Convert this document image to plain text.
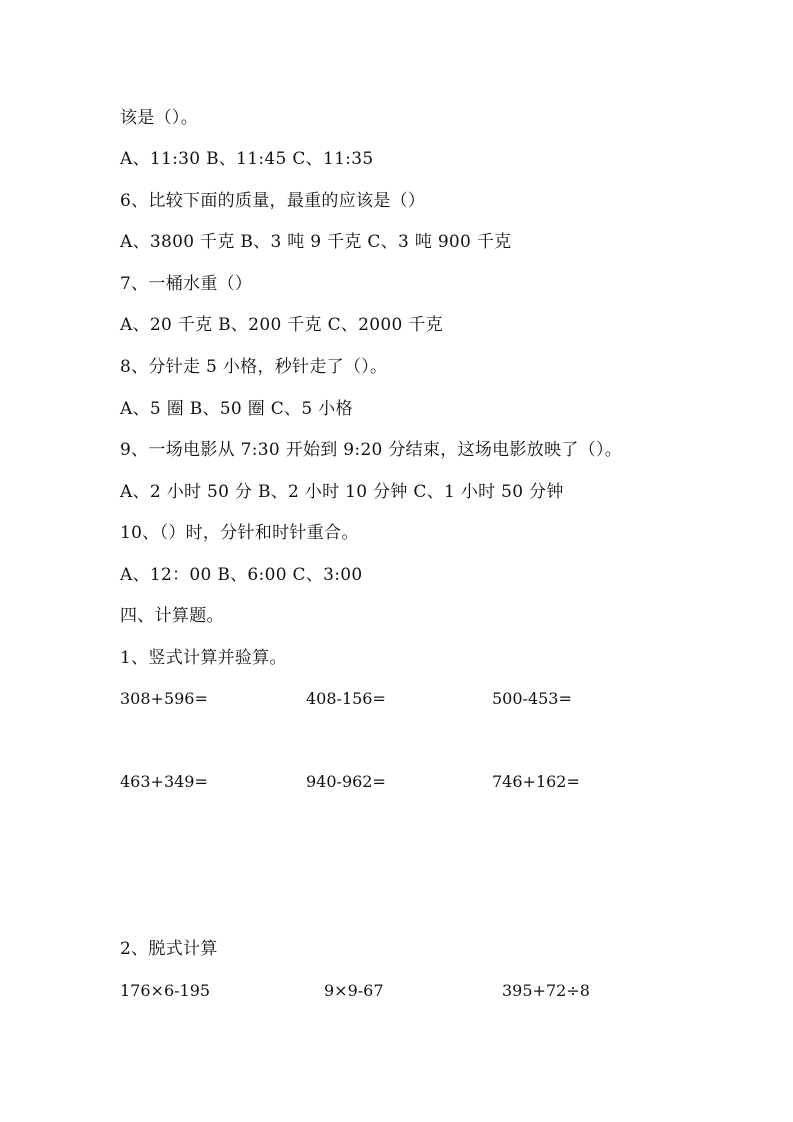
该是（）。
A、11:30 B、11:45 C、11:35
6、比较下面的质量，最重的应该是（）
A、3800 千克 B、3 吨 9 千克 C、3 吨 900 千克
7、一桶水重（）
A、20 千克 B、200 千克 C、2000 千克
8、分针走 5 小格，秒针走了（）。
A、5 圈 B、50 圈 C、5 小格
9、一场电影从 7:30 开始到 9:20 分结束，这场电影放映了（）。
A、2 小时 50 分 B、2 小时 10 分钟 C、1 小时 50 分钟
10、（）时，分针和时针重合。
A、12：00 B、6:00 C、3:00
四、计算题。
1、竖式计算并验算。
308+596=	408-156=	500-453=
463+349=	940-962=	746+162=
2、脱式计算
176×6-195	9×9-67	395+72÷8
